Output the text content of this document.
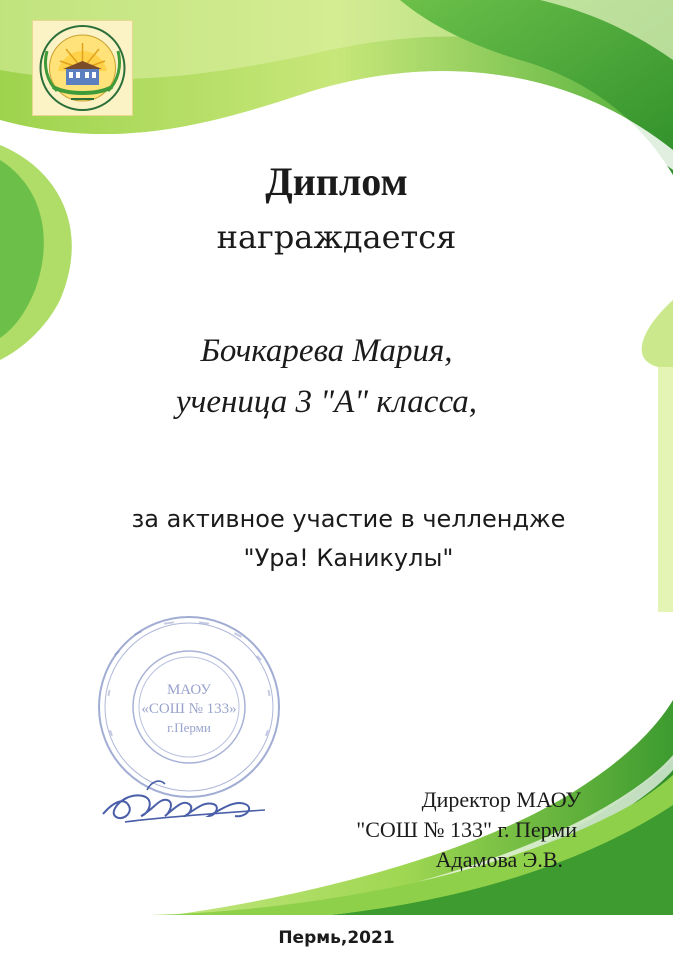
Диплом
награждается
Бочкарева Мария,
ученица 3 "А" класса,
за активное участие в челлендже
"Ура! Каникулы"
МАОУ
«СОШ № 133»
г.Перми
Директор МАОУ
"СОШ № 133" г. Перми
Адамова Э.В.
Пермь,2021
